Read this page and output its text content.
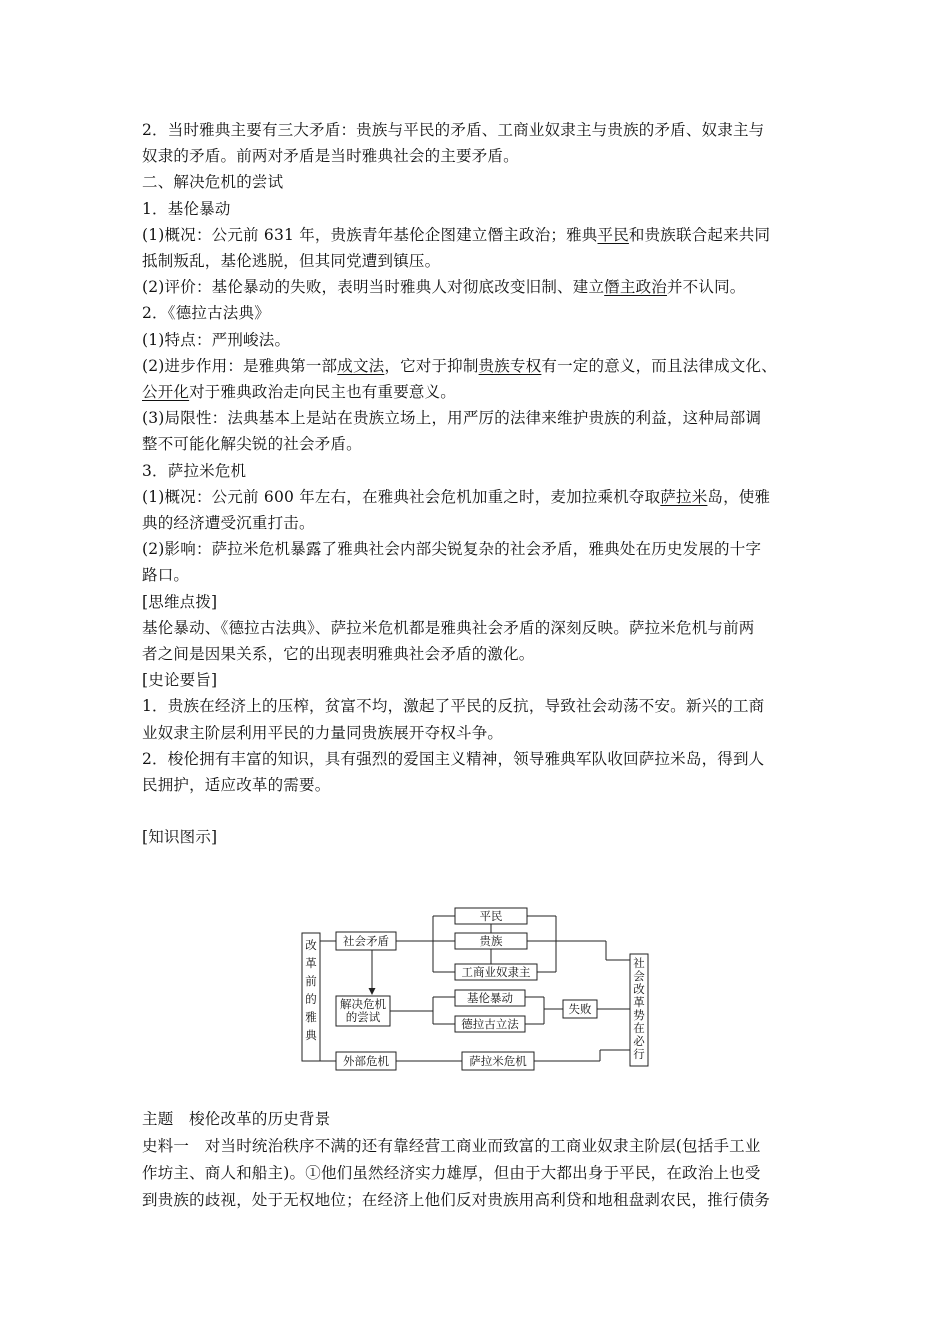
2．当时雅典主要有三大矛盾：贵族与平民的矛盾、工商业奴隶主与贵族的矛盾、奴隶主与

奴隶的矛盾。前两对矛盾是当时雅典社会的主要矛盾。

二、解决危机的尝试

1．基伦暴动

(1)概况：公元前 631 年，贵族青年基伦企图建立僭主政治；雅典平民和贵族联合起来共同

抵制叛乱，基伦逃脱，但其同党遭到镇压。

(2)评价：基伦暴动的失败，表明当时雅典人对彻底改变旧制、建立僭主政治并不认同。

2．《德拉古法典》

(1)特点：严刑峻法。

(2)进步作用：是雅典第一部成文法，它对于抑制贵族专权有一定的意义，而且法律成文化、

公开化对于雅典政治走向民主也有重要意义。

(3)局限性：法典基本上是站在贵族立场上，用严厉的法律来维护贵族的利益，这种局部调

整不可能化解尖锐的社会矛盾。

3．萨拉米危机

(1)概况：公元前 600 年左右，在雅典社会危机加重之时，麦加拉乘机夺取萨拉米岛，使雅

典的经济遭受沉重打击。

(2)影响：萨拉米危机暴露了雅典社会内部尖锐复杂的社会矛盾，雅典处在历史发展的十字

路口。

[思维点拨]

基伦暴动、《德拉古法典》、萨拉米危机都是雅典社会矛盾的深刻反映。萨拉米危机与前两

者之间是因果关系，它的出现表明雅典社会矛盾的激化。

[史论要旨]

1．贵族在经济上的压榨，贫富不均，激起了平民的反抗，导致社会动荡不安。新兴的工商

业奴隶主阶层利用平民的力量同贵族展开夺权斗争。

2．梭伦拥有丰富的知识，具有强烈的爱国主义精神，领导雅典军队收回萨拉米岛，得到人

民拥护，适应改革的需要。

[知识图示]

改
革
前
的
雅
典
社
会
改
革
势
在
必
行
社会矛盾
平民
贵族
工商业奴隶主
解决危机
的尝试
基伦暴动
德拉古立法
失败
外部危机	萨拉米危机

主题　梭伦改革的历史背景

史料一　对当时统治秩序不满的还有靠经营工商业而致富的工商业奴隶主阶层(包括手工业

作坊主、商人和船主)。①他们虽然经济实力雄厚，但由于大都出身于平民，在政治上也受

到贵族的歧视，处于无权地位；在经济上他们反对贵族用高利贷和地租盘剥农民，推行债务
